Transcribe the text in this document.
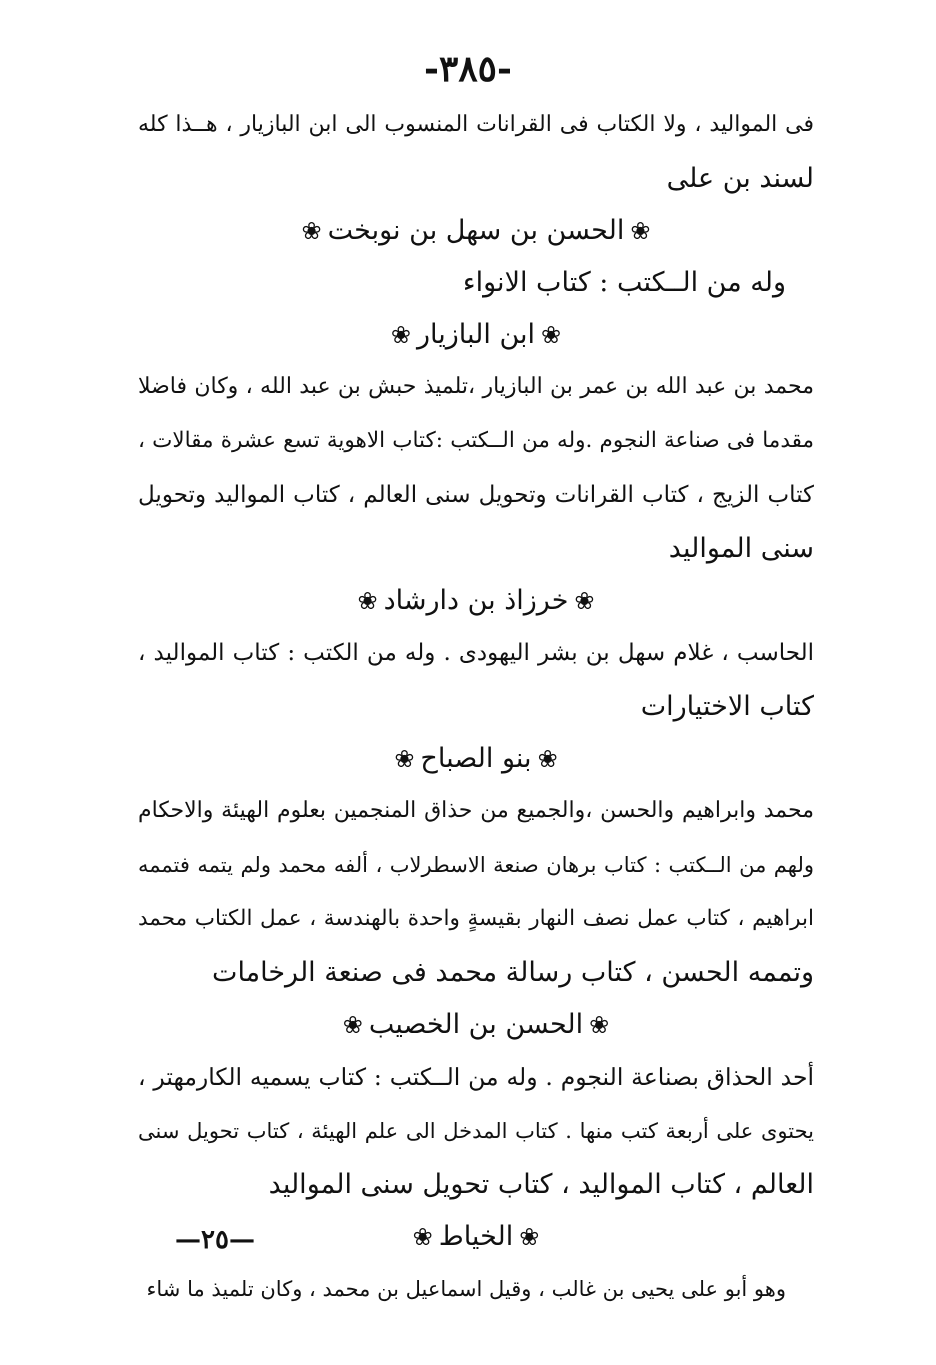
-٣٨٥-
فى المواليد ، ولا الكتاب فى القرانات المنسوب الى ابن البازيار ، هــذا كله
لسند بن على
❀الحسن بن سهل بن نوبخت❀
وله من الــكتب : كتاب الانواء
❀ابن البازيار❀
محمد بن عبد الله بن عمر بن البازيار ،تلميذ حبش بن عبد الله ، وكان فاضلا
مقدما فى صناعة النجوم .وله من الــكتب :كتاب الاهوية تسع عشرة مقالات ،
كتاب الزيج ، كتاب القرانات وتحويل سنى العالم ، كتاب المواليد وتحويل
سنى المواليد
❀خرزاذ بن دارشاد❀
الحاسب ، غلام سهل بن بشر اليهودى . وله من الكتب : كتاب المواليد ،
كتاب الاختيارات
❀بنو الصباح❀
محمد وابراهيم والحسن ،والجميع من حذاق المنجمين بعلوم الهيئة والاحكام
ولهم من الــكتب : كتاب برهان صنعة الاسطرلاب ، ألفه محمد ولم يتمه فتممه
ابراهيم ، كتاب عمل نصف النهار بقيسةٍ واحدة بالهندسة ، عمل الكتاب محمد
وتممه الحسن ، كتاب رسالة محمد فى صنعة الرخامات
❀الحسن بن الخصيب❀
أحد الحذاق بصناعة النجوم . وله من الــكتب : كتاب يسميه الكارمهتر ،
يحتوى على أربعة كتب منها . كتاب المدخل الى علم الهيئة ، كتاب تحويل سنى
العالم ، كتاب المواليد ، كتاب تحويل سنى المواليد
❀الخياط❀
وهو أبو على يحيى بن غالب ، وقيل اسماعيل بن محمد ، وكان تلميذ ما شاء
—٢٥—
